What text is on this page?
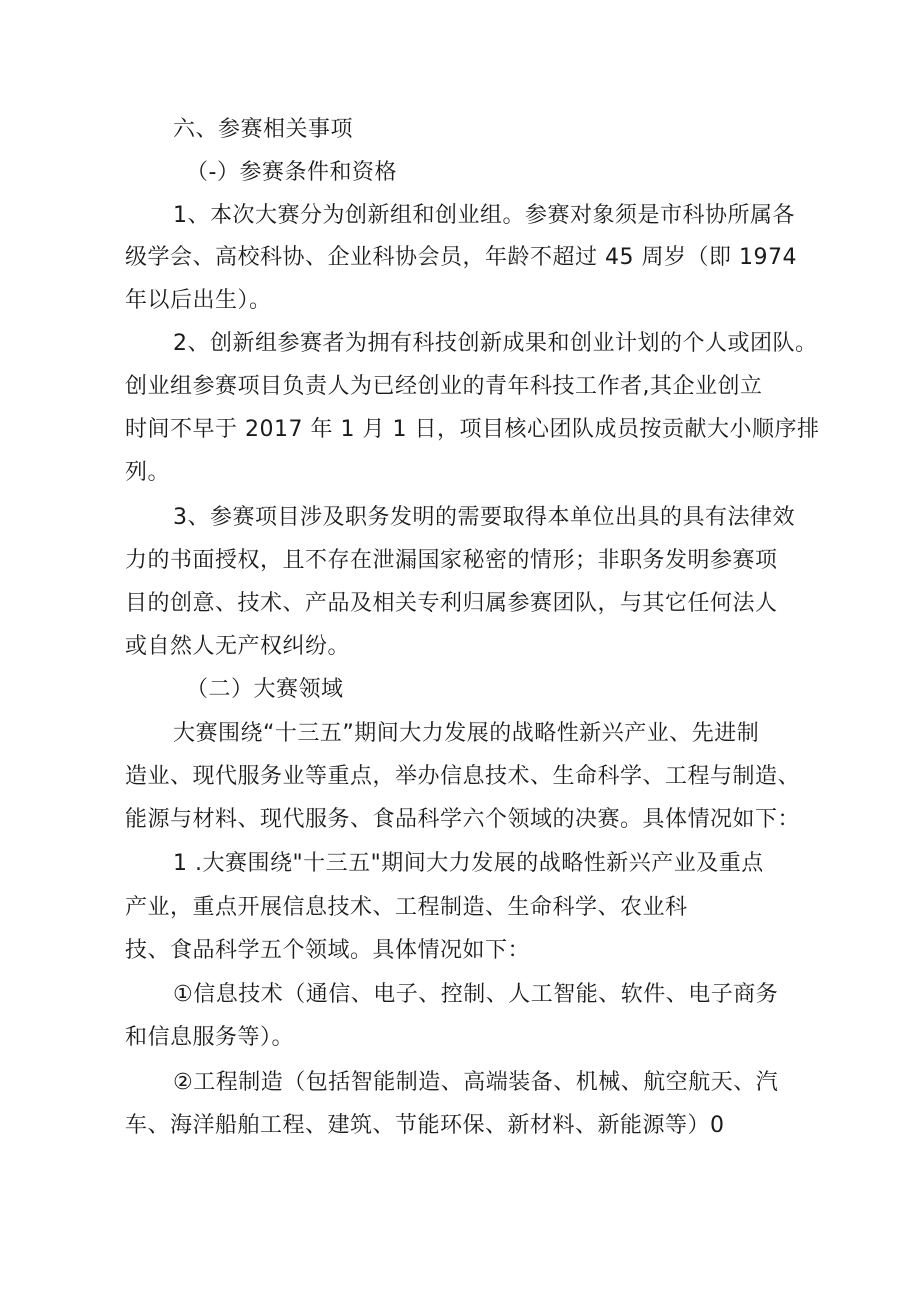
六、参赛相关事项
（-）参赛条件和资格
1、本次大赛分为创新组和创业组。参赛对象须是市科协所属各
级学会、高校科协、企业科协会员，年龄不超过 45 周岁（即 1974
年以后出生）。
2、创新组参赛者为拥有科技创新成果和创业计划的个人或团队。
创业组参赛项目负责人为已经创业的青年科技工作者,其企业创立
时间不早于 2017 年 1 月 1 日，项目核心团队成员按贡献大小顺序排
列。
3、参赛项目涉及职务发明的需要取得本单位出具的具有法律效
力的书面授权，且不存在泄漏国家秘密的情形；非职务发明参赛项
目的创意、技术、产品及相关专利归属参赛团队，与其它任何法人
或自然人无产权纠纷。
（二）大赛领域
大赛围绕“十三五”期间大力发展的战略性新兴产业、先进制
造业、现代服务业等重点，举办信息技术、生命科学、工程与制造、
能源与材料、现代服务、食品科学六个领域的决赛。具体情况如下：
1 .大赛围绕"十三五"期间大力发展的战略性新兴产业及重点
产业，重点开展信息技术、工程制造、生命科学、农业科
技、食品科学五个领域。具体情况如下：
①信息技术（通信、电子、控制、人工智能、软件、电子商务
和信息服务等）。
②工程制造（包括智能制造、高端装备、机械、航空航天、汽
车、海洋船舶工程、建筑、节能环保、新材料、新能源等）0
